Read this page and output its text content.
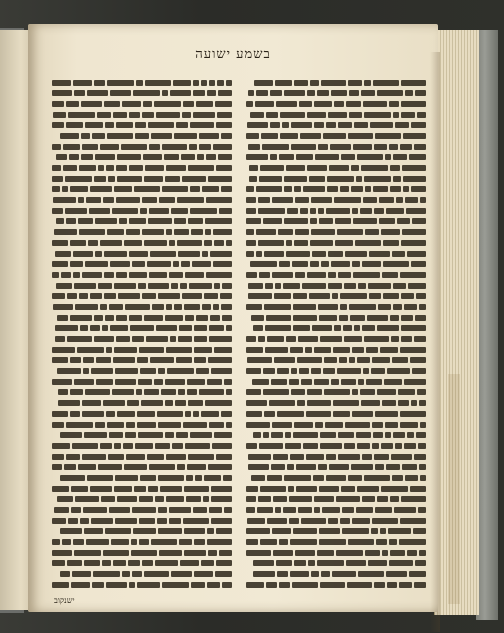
בשמע ישועה
ישנקוב
